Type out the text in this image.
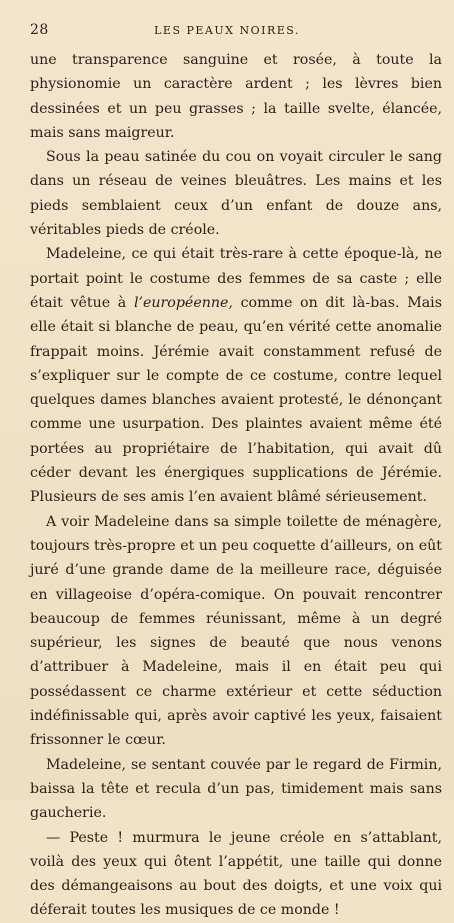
28	LES PEAUX NOIRES.

une transparence sanguine et rosée, à toute la physionomie un caractère ardent ; les lèvres bien dessinées et un peu grasses ; la taille svelte, élancée, mais sans maigreur.

Sous la peau satinée du cou on voyait circuler le sang dans un réseau de veines bleuâtres. Les mains et les pieds semblaient ceux d’un enfant de douze ans, véritables pieds de créole.

Madeleine, ce qui était très-rare à cette époque-là, ne portait point le costume des femmes de sa caste ; elle était vêtue à l’européenne, comme on dit là-bas. Mais elle était si blanche de peau, qu’en vérité cette anomalie frappait moins. Jérémie avait constamment refusé de s’expliquer sur le compte de ce costume, contre lequel quelques dames blanches avaient protesté, le dénonçant comme une usurpation. Des plaintes avaient même été portées au propriétaire de l’habitation, qui avait dû céder devant les énergiques supplications de Jérémie. Plusieurs de ses amis l’en avaient blâmé sérieusement.

A voir Madeleine dans sa simple toilette de ménagère, toujours très-propre et un peu coquette d’ailleurs, on eût juré d’une grande dame de la meilleure race, déguisée en villageoise d’opéra-comique. On pouvait rencontrer beaucoup de femmes réunissant, même à un degré supérieur, les signes de beauté que nous venons d’attribuer à Madeleine, mais il en était peu qui possédassent ce charme extérieur et cette séduction indéfinissable qui, après avoir captivé les yeux, faisaient frissonner le cœur.

Madeleine, se sentant couvée par le regard de Firmin, baissa la tête et recula d’un pas, timidement mais sans gaucherie.

— Peste ! murmura le jeune créole en s’attablant, voilà des yeux qui ôtent l’appétit, une taille qui donne des démangeaisons au bout des doigts, et une voix qui déferait toutes les musiques de ce monde !
